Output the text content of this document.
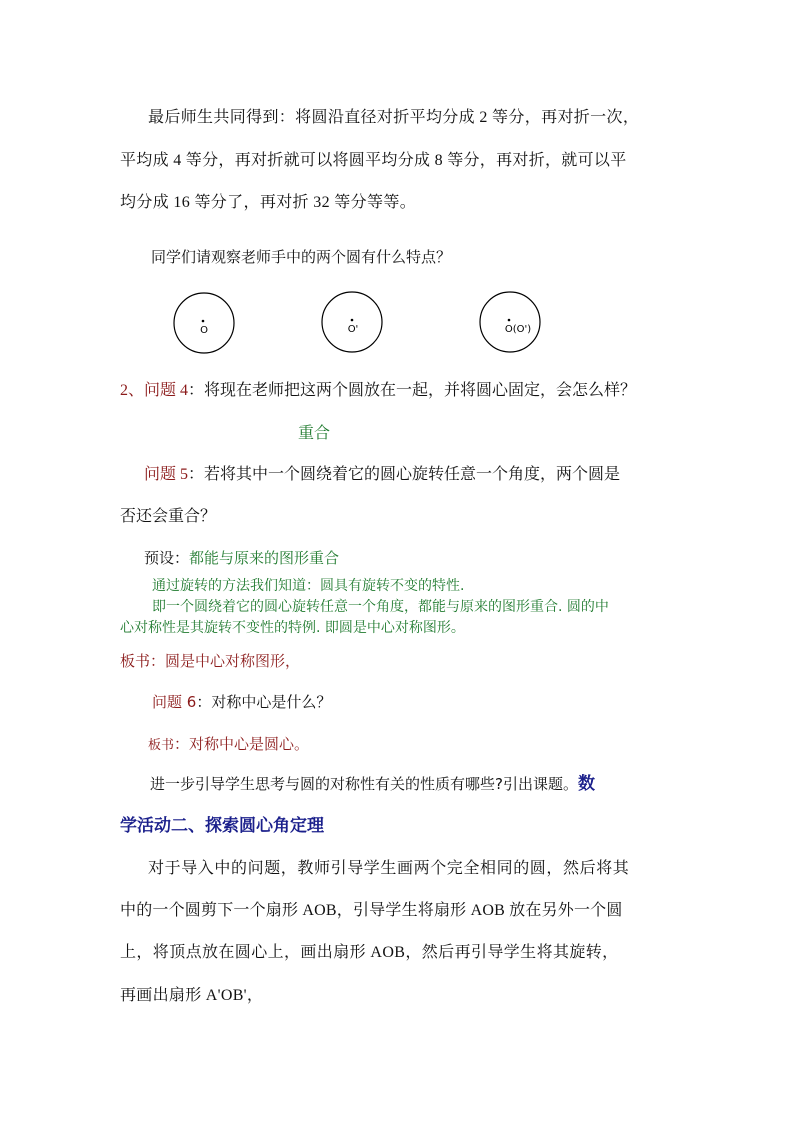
最后师生共同得到：将圆沿直径对折平均分成 2 等分，再对折一次，
平均成 4 等分，再对折就可以将圆平均分成 8 等分，再对折，就可以平
均分成 16 等分了，再对折 32 等分等等。
同学们请观察老师手中的两个圆有什么特点？
O	O'	O(O')
2、问题 4：将现在老师把这两个圆放在一起，并将圆心固定，会怎么样？
重合
问题 5：若将其中一个圆绕着它的圆心旋转任意一个角度，两个圆是
否还会重合？
预设：都能与原来的图形重合
通过旋转的方法我们知道：圆具有旋转不变的特性.
即一个圆绕着它的圆心旋转任意一个角度，都能与原来的图形重合. 圆的中
心对称性是其旋转不变性的特例. 即圆是中心对称图形。
板书：圆是中心对称图形，
问题 6：对称中心是什么？
板书：对称中心是圆心。
进一步引导学生思考与圆的对称性有关的性质有哪些?引出课题。数
学活动二、探索圆心角定理
对于导入中的问题，教师引导学生画两个完全相同的圆，然后将其
中的一个圆剪下一个扇形 AOB，引导学生将扇形 AOB 放在另外一个圆
上，将顶点放在圆心上，画出扇形 AOB，然后再引导学生将其旋转，
再画出扇形 A'OB'，
